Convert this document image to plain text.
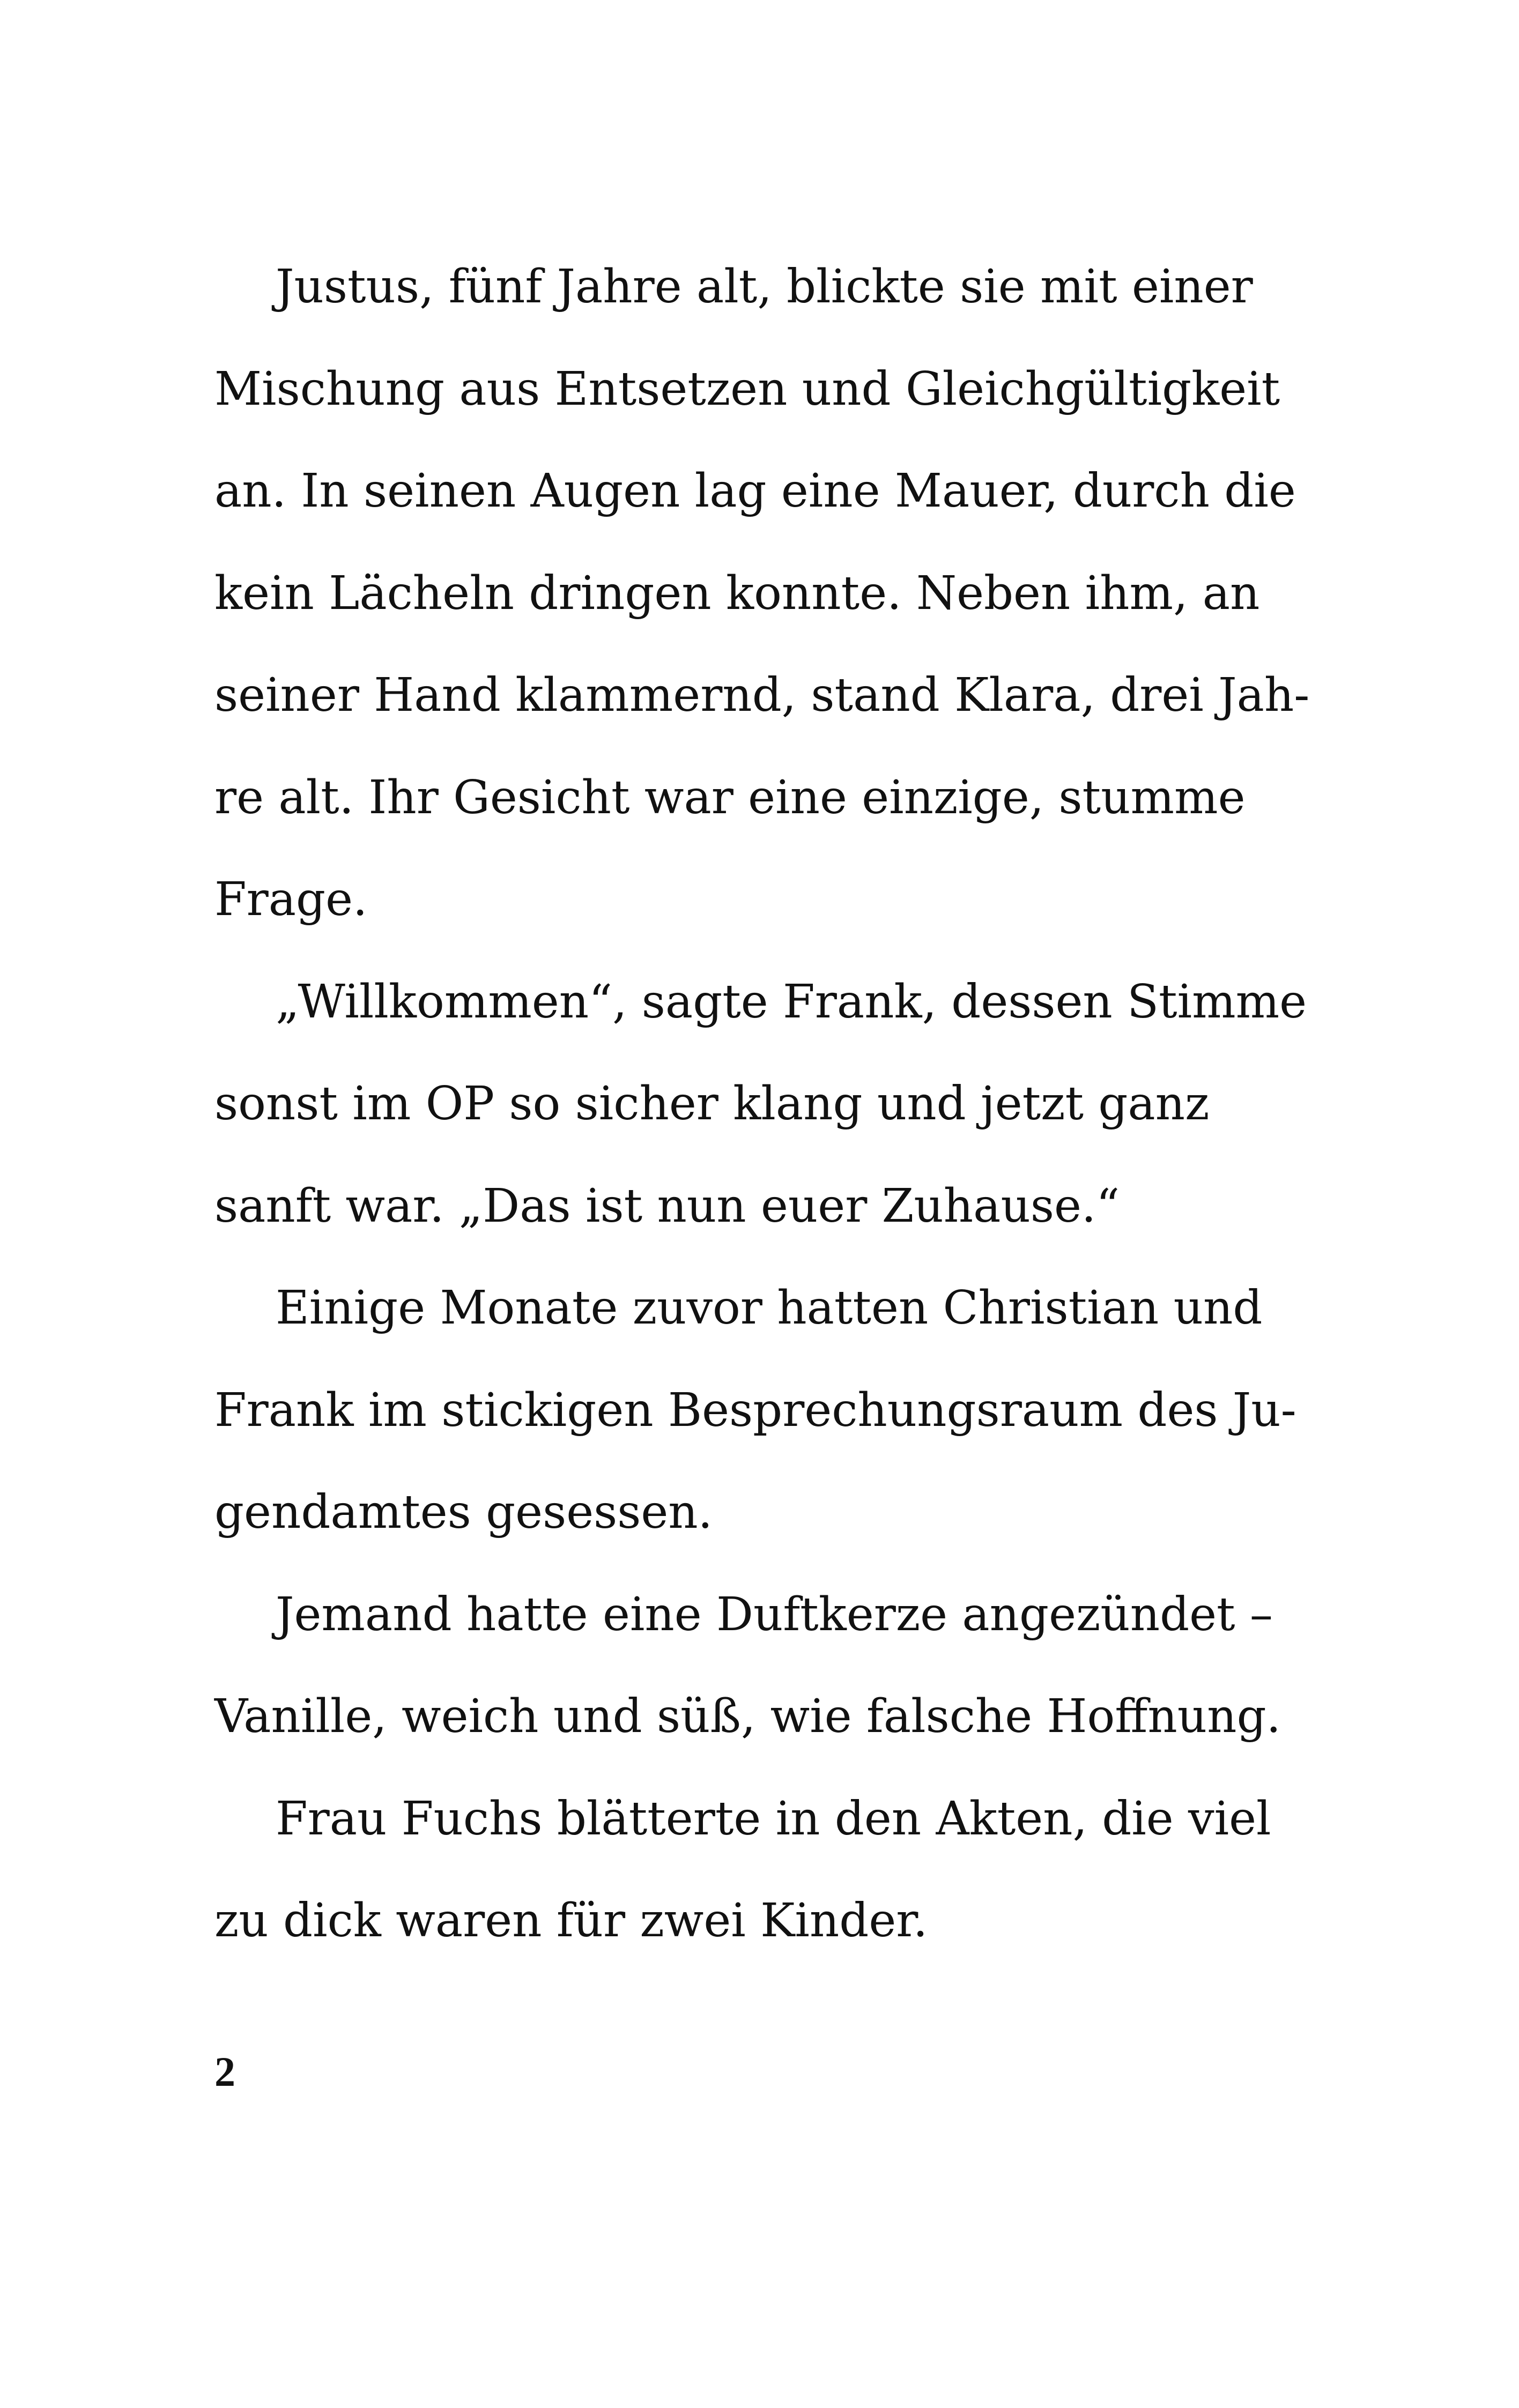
Justus, fünf Jahre alt, blickte sie mit einer
Mischung aus Entsetzen und Gleichgültigkeit
an. In seinen Augen lag eine Mauer, durch die
kein Lächeln dringen konnte. Neben ihm, an
seiner Hand klammernd, stand Klara, drei Jah-
re alt. Ihr Gesicht war eine einzige, stumme
Frage.

„Willkommen“, sagte Frank, dessen Stimme
sonst im OP so sicher klang und jetzt ganz
sanft war. „Das ist nun euer Zuhause.“

Einige Monate zuvor hatten Christian und
Frank im stickigen Besprechungsraum des Ju-
gendamtes gesessen.

Jemand hatte eine Duftkerze angezündet –
Vanille, weich und süß, wie falsche Hoffnung.

Frau Fuchs blätterte in den Akten, die viel
zu dick waren für zwei Kinder.

2
